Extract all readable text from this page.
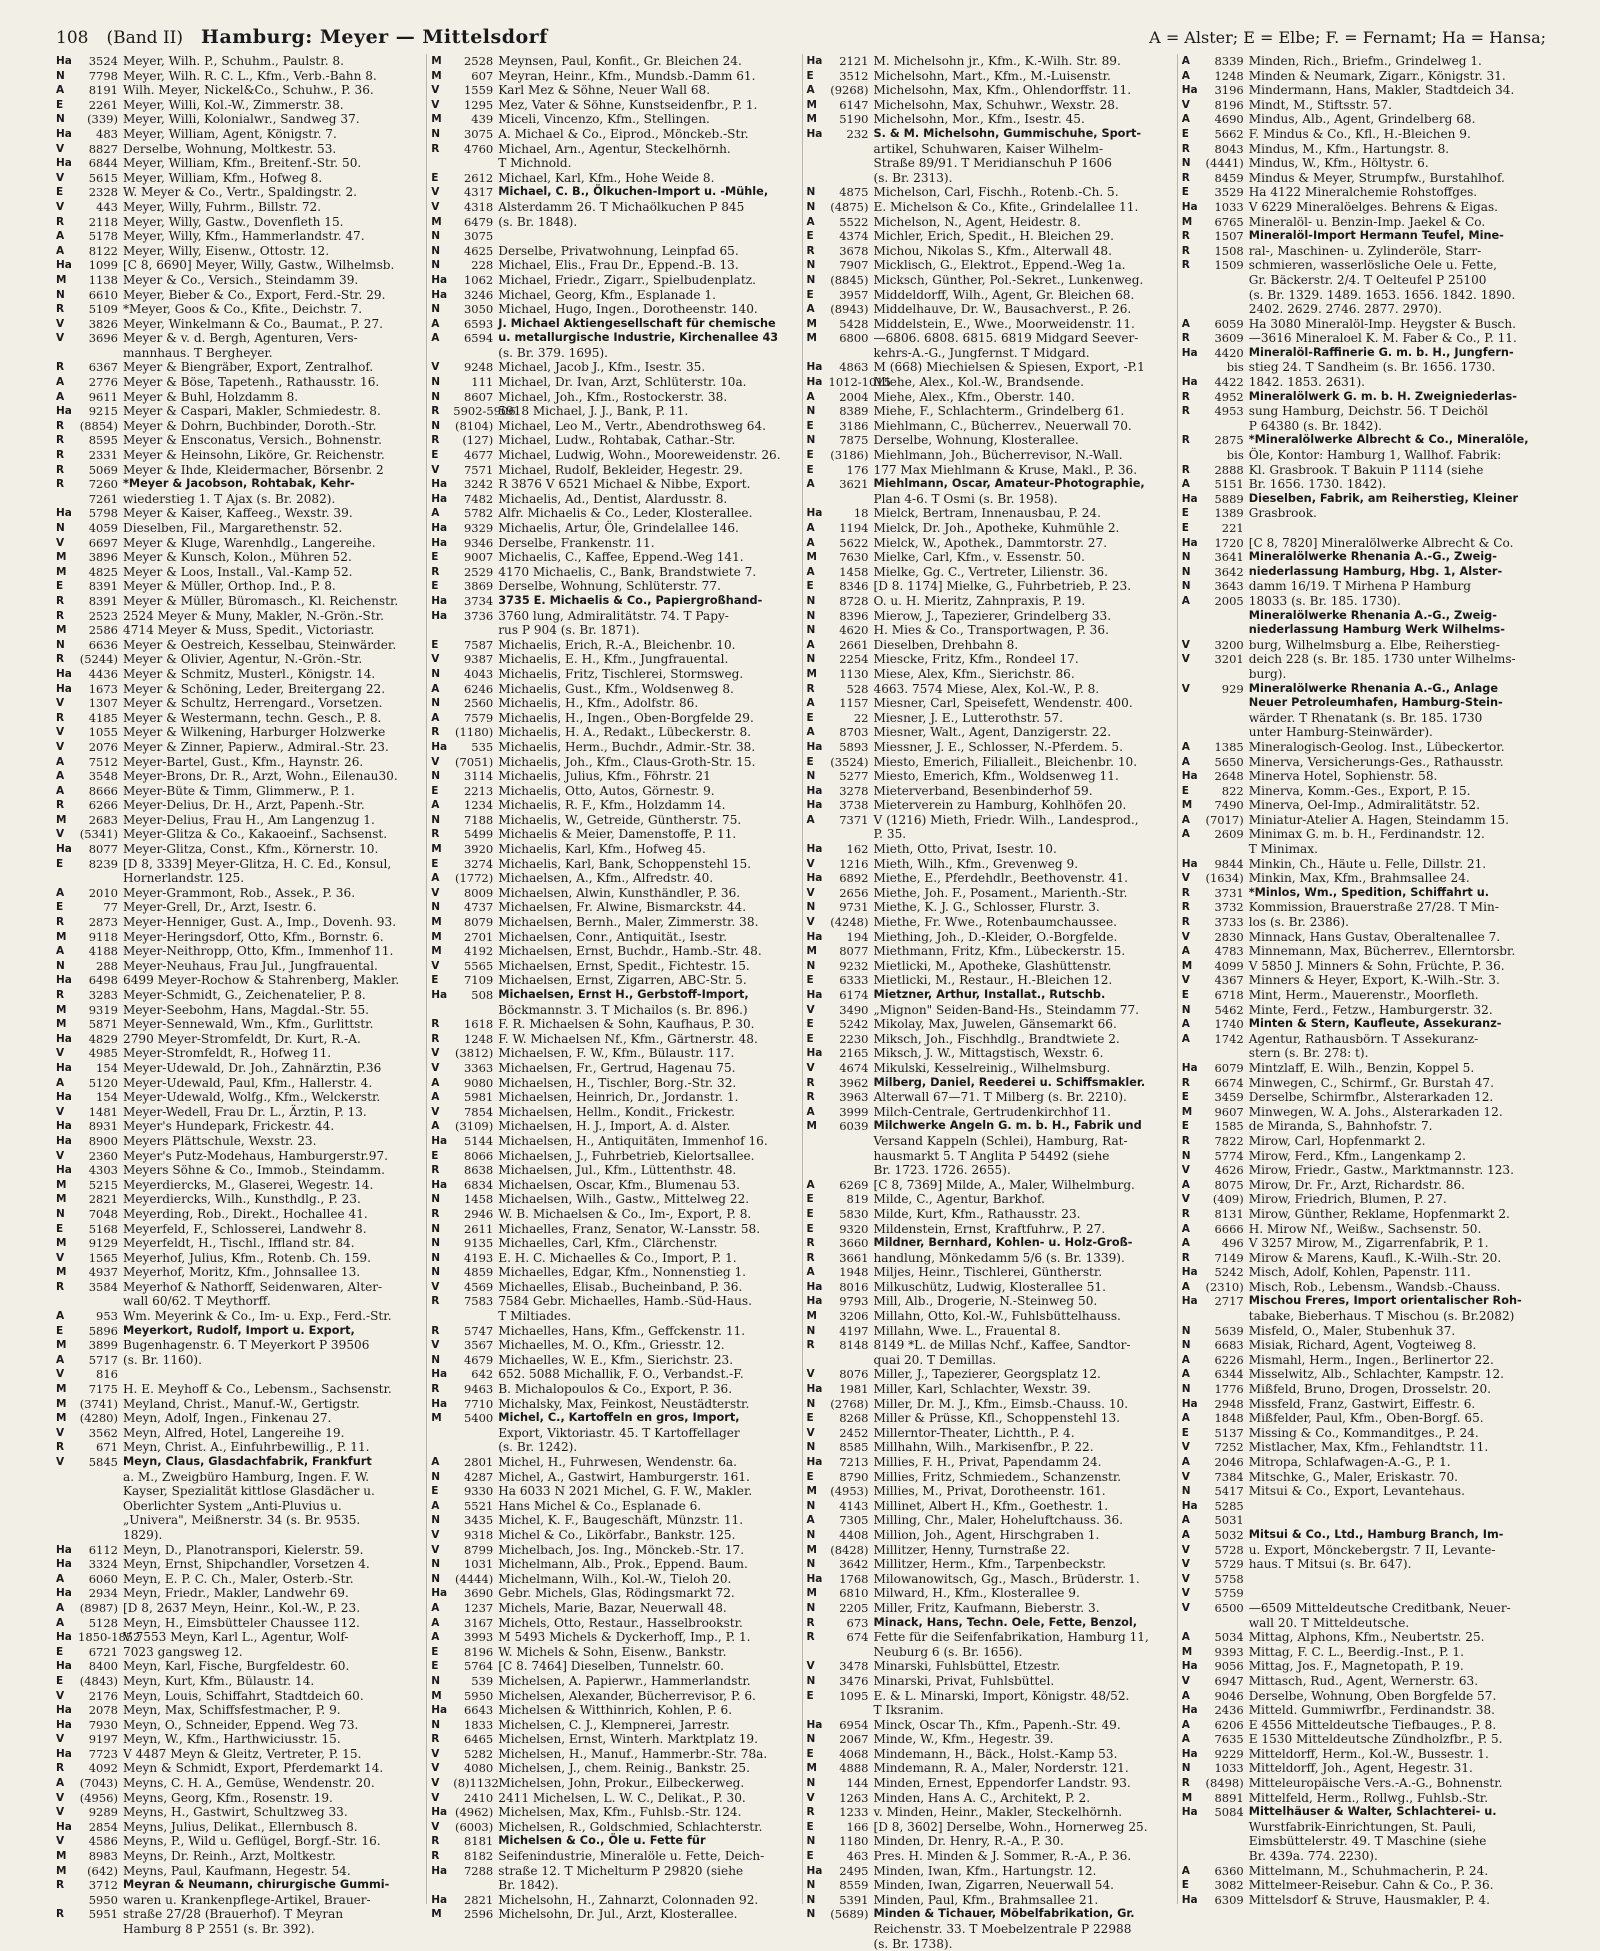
108 (Band II) Hamburg: Meyer — Mittelsdorf	A = Alster; E = Elbe; F. = Fernamt; Ha = Hansa;
Ha	3524 Meyer, Wilh. P., Schuhm., Paulstr. 8.
N	7798 Meyer, Wilh. R. C. L., Kfm., Verb.-Bahn 8.
A	8191 Wilh. Meyer, Nickel&Co., Schuhw., P. 36.
E	2261 Meyer, Willi, Kol.-W., Zimmerstr. 38.
N	(339) Meyer, Willi, Kolonialwr., Sandweg 37.
Ha	483 Meyer, William, Agent, Königstr. 7.
V	8827 Derselbe, Wohnung, Moltkestr. 53.
Ha	6844 Meyer, William, Kfm., Breitenf.-Str. 50.
V	5615 Meyer, William, Kfm., Hofweg 8.
E	2328 W. Meyer & Co., Vertr., Spaldingstr. 2.
V	443 Meyer, Willy, Fuhrm., Billstr. 72.
R	2118 Meyer, Willy, Gastw., Dovenfleth 15.
A	5178 Meyer, Willy, Kfm., Hammerlandstr. 47.
A	8122 Meyer, Willy, Eisenw., Ottostr. 12.
Ha	1099 [C 8, 6690] Meyer, Willy, Gastw., Wilhelmsb.
M	1138 Meyer & Co., Versich., Steindamm 39.
N	6610 Meyer, Bieber & Co., Export, Ferd.-Str. 29.
R	5109 *Meyer, Goos & Co., Kfite., Deichstr. 7.
V	3826 Meyer, Winkelmann & Co., Baumat., P. 27.
V	3696 Meyer & v. d. Bergh, Agenturen, Vers-
mannhaus. T Bergheyer.
R	6367 Meyer & Biengräber, Export, Zentralhof.
A	2776 Meyer & Böse, Tapetenh., Rathausstr. 16.
A	9611 Meyer & Buhl, Holzdamm 8.
Ha	9215 Meyer & Caspari, Makler, Schmiedestr. 8.
R	(8854) Meyer & Dohrn, Buchbinder, Doroth.-Str.
R	8595 Meyer & Ensconatus, Versich., Bohnenstr.
R	2331 Meyer & Heinsohn, Liköre, Gr. Reichenstr.
R	5069 Meyer & Ihde, Kleidermacher, Börsenbr. 2
R	7260 *Meyer & Jacobson, Rohtabak, Kehr-
7261 wiederstieg 1. T Ajax (s. Br. 2082).
Ha	5798 Meyer & Kaiser, Kaffeeg., Wexstr. 39.
N	4059 Dieselben, Fil., Margarethenstr. 52.
V	6697 Meyer & Kluge, Warenhdlg., Langereihe.
M	3896 Meyer & Kunsch, Kolon., Mühren 52.
M	4825 Meyer & Loos, Install., Val.-Kamp 52.
E	8391 Meyer & Müller, Orthop. Ind., P. 8.
R	8391 Meyer & Müller, Büromasch., Kl. Reichenstr.
R	2523 2524 Meyer & Muny, Makler, N.-Grön.-Str.
M	2586 4714 Meyer & Muss, Spedit., Victoriastr.
N	6636 Meyer & Oestreich, Kesselbau, Steinwärder.
R	(5244) Meyer & Olivier, Agentur, N.-Grön.-Str.
Ha	4436 Meyer & Schmitz, Musterl., Königstr. 14.
Ha	1673 Meyer & Schöning, Leder, Breitergang 22.
V	1307 Meyer & Schultz, Herrengard., Vorsetzen.
R	4185 Meyer & Westermann, techn. Gesch., P. 8.
V	1055 Meyer & Wilkening, Harburger Holzwerke
V	2076 Meyer & Zinner, Papierw., Admiral.-Str. 23.
A	7512 Meyer-Bartel, Gust., Kfm., Haynstr. 26.
A	3548 Meyer-Brons, Dr. R., Arzt, Wohn., Eilenau30.
A	8666 Meyer-Büte & Timm, Glimmerw., P. 1.
R	6266 Meyer-Delius, Dr. H., Arzt, Papenh.-Str.
M	2683 Meyer-Delius, Frau H., Am Langenzug 1.
V	(5341) Meyer-Glitza & Co., Kakaoeinf., Sachsenst.
Ha	8077 Meyer-Glitza, Const., Kfm., Körnerstr. 10.
E	8239 [D 8, 3339] Meyer-Glitza, H. C. Ed., Konsul,
Hornerlandstr. 125.
A	2010 Meyer-Grammont, Rob., Assek., P. 36.
E	77 Meyer-Grell, Dr., Arzt, Isestr. 6.
R	2873 Meyer-Henniger, Gust. A., Imp., Dovenh. 93.
M	9118 Meyer-Heringsdorf, Otto, Kfm., Bornstr. 6.
A	4188 Meyer-Neithropp, Otto, Kfm., Immenhof 11.
N	288 Meyer-Neuhaus, Frau Jul., Jungfrauental.
Ha	6498 6499 Meyer-Rochow & Stahrenberg, Makler.
R	3283 Meyer-Schmidt, G., Zeichenatelier, P. 8.
M	9319 Meyer-Seebohm, Hans, Magdal.-Str. 55.
M	5871 Meyer-Sennewald, Wm., Kfm., Gurlittstr.
Ha	4829 2790 Meyer-Stromfeldt, Dr. Kurt, R.-A.
V	4985 Meyer-Stromfeldt, R., Hofweg 11.
Ha	154 Meyer-Udewald, Dr. Joh., Zahnärztin, P.36
A	5120 Meyer-Udewald, Paul, Kfm., Hallerstr. 4.
Ha	154 Meyer-Udewald, Wolfg., Kfm., Welckerstr.
V	1481 Meyer-Wedell, Frau Dr. L., Ärztin, P. 13.
Ha	8931 Meyer's Hundepark, Frickestr. 44.
Ha	8900 Meyers Plättschule, Wexstr. 23.
V	2360 Meyer's Putz-Modehaus, Hamburgerstr.97.
Ha	4303 Meyers Söhne & Co., Immob., Steindamm.
M	5215 Meyerdiercks, M., Glaserei, Wegestr. 14.
M	2821 Meyerdiercks, Wilh., Kunsthdlg., P. 23.
N	7048 Meyerding, Rob., Direkt., Hochallee 41.
E	5168 Meyerfeld, F., Schlosserei, Landwehr 8.
M	9129 Meyerfeldt, H., Tischl., Iffland str. 84.
V	1565 Meyerhof, Julius, Kfm., Rotenb. Ch. 159.
M	4937 Meyerhof, Moritz, Kfm., Johnsallee 13.
R	3584 Meyerhof & Nathorff, Seidenwaren, Alter-
wall 60/62. T Meythorff.
A	953 Wm. Meyerink & Co., Im- u. Exp., Ferd.-Str.
E	5896 Meyerkort, Rudolf, Import u. Export,
M	3899 Bugenhagenstr. 6. T Meyerkort P 39506
A	5717 (s. Br. 1160).
V	816
M	7175 H. E. Meyhoff & Co., Lebensm., Sachsenstr.
M	(3741) Meyland, Christ., Manuf.-W., Gertigstr.
M	(4280) Meyn, Adolf, Ingen., Finkenau 27.
V	3562 Meyn, Alfred, Hotel, Langereihe 19.
R	671 Meyn, Christ. A., Einfuhrbewillig., P. 11.
V	5845 Meyn, Claus, Glasdachfabrik, Frankfurt
a. M., Zweigbüro Hamburg, Ingen. F. W.
Kayser, Spezialität kittlose Glasdächer u.
Oberlichter System „Anti-Pluvius u.
„Univera", Meißnerstr. 34 (s. Br. 9535.
1829).
Ha	6112 Meyn, D., Planotranspori, Kielerstr. 59.
Ha	3324 Meyn, Ernst, Shipchandler, Vorsetzen 4.
A	6060 Meyn, E. P. C. Ch., Maler, Osterb.-Str.
Ha	2934 Meyn, Friedr., Makler, Landwehr 69.
A	(8987) [D 8, 2637 Meyn, Heinr., Kol.-W., P. 23.
A	5128 Meyn, H., Eimsbütteler Chaussee 112.
Ha 1850-1852
V 7553 Meyn, Karl L., Agentur, Wolf-
E	6721 7023 gangsweg 12.
Ha	8400 Meyn, Karl, Fische, Burgfeldestr. 60.
E	(4843) Meyn, Kurt, Kfm., Bülaustr. 14.
V	2176 Meyn, Louis, Schiffahrt, Stadtdeich 60.
Ha	2078 Meyn, Max, Schiffsfestmacher, P. 9.
Ha	7930 Meyn, O., Schneider, Eppend. Weg 73.
V	9197 Meyn, W., Kfm., Harthwiciusstr. 15.
Ha	7723 V 4487 Meyn & Gleitz, Vertreter, P. 15.
R	4092 Meyn & Schmidt, Export, Pferdemarkt 14.
A	(7043) Meyns, C. H. A., Gemüse, Wendenstr. 20.
V	(4956) Meyns, Georg, Kfm., Rosenstr. 19.
V	9289 Meyns, H., Gastwirt, Schultzweg 33.
Ha	2854 Meyns, Julius, Delikat., Ellernbusch 8.
V	4586 Meyns, P., Wild u. Geflügel, Borgf.-Str. 16.
M	8983 Meyns, Dr. Reinh., Arzt, Moltkestr.
M	(642) Meyns, Paul, Kaufmann, Hegestr. 54.
R	3712 Meyran & Neumann, chirurgische Gummi-
5950 waren u. Krankenpflege-Artikel, Brauer-
R	5951 straße 27/28 (Brauerhof). T Meyran
Hamburg 8 P 2551 (s. Br. 392).
M	2528 Meynsen, Paul, Konfit., Gr. Bleichen 24.
M	607 Meyran, Heinr., Kfm., Mundsb.-Damm 61.
V	1559 Karl Mez & Söhne, Neuer Wall 68.
V	1295 Mez, Vater & Söhne, Kunstseidenfbr., P. 1.
M	439 Miceli, Vincenzo, Kfm., Stellingen.
N	3075 A. Michael & Co., Eiprod., Mönckeb.-Str.
R	4760 Michael, Arn., Agentur, Steckelhörnh.
T Michnold.
E	2612 Michael, Karl, Kfm., Hohe Weide 8.
V	4317 Michael, C. B., Ölkuchen-Import u. -Mühle,
V	4318 Alsterdamm 26. T Michaölkuchen P 845
M	6479 (s. Br. 1848).
N	3075
N	4625 Derselbe, Privatwohnung, Leinpfad 65.
N	228 Michael, Elis., Frau Dr., Eppend.-B. 13.
Ha	1062 Michael, Friedr., Zigarr., Spielbudenplatz.
Ha	3246 Michael, Georg, Kfm., Esplanade 1.
N	3050 Michael, Hugo, Ingen., Dorotheenstr. 140.
A	6593 J. Michael Aktiengesellschaft für chemische
A	6594 u. metallurgische Industrie, Kirchenallee 43
(s. Br. 379. 1695).
V	9248 Michael, Jacob J., Kfm., Isestr. 35.
N	111 Michael, Dr. Ivan, Arzt, Schlüterstr. 10a.
N	8607 Michael, Joh., Kfm., Rostockerstr. 38.
R	5902-5906
5918 Michael, J. J., Bank, P. 11.
N	(8104) Michael, Leo M., Vertr., Abendrothsweg 64.
R	(127) Michael, Ludw., Rohtabak, Cathar.-Str.
E	4677 Michael, Ludwig, Wohn., Mooreweidenstr. 26.
V	7571 Michael, Rudolf, Bekleider, Hegestr. 29.
Ha	3242 R 3876 V 6521 Michael & Nibbe, Export.
Ha	7482 Michaelis, Ad., Dentist, Alardusstr. 8.
A	5782 Alfr. Michaelis & Co., Leder, Klosterallee.
Ha	9329 Michaelis, Artur, Öle, Grindelallee 146.
Ha	9346 Derselbe, Frankenstr. 11.
E	9007 Michaelis, C., Kaffee, Eppend.-Weg 141.
R	2529 4170 Michaelis, C., Bank, Brandstwiete 7.
E	3869 Derselbe, Wohnung, Schlüterstr. 77.
Ha	3734 3735 E. Michaelis & Co., Papiergroßhand-
Ha	3736 3760 lung, Admiralitätstr. 74. T Papy-
rus P 904 (s. Br. 1871).
E	7587 Michaelis, Erich, R.-A., Bleichenbr. 10.
V	9387 Michaelis, E. H., Kfm., Jungfrauental.
N	4043 Michaelis, Fritz, Tischlerei, Stormsweg.
A	6246 Michaelis, Gust., Kfm., Woldsenweg 8.
N	2560 Michaelis, H., Kfm., Adolfstr. 86.
A	7579 Michaelis, H., Ingen., Oben-Borgfelde 29.
R	(1180) Michaelis, H. A., Redakt., Lübeckerstr. 8.
Ha	535 Michaelis, Herm., Buchdr., Admir.-Str. 38.
V	(7051) Michaelis, Joh., Kfm., Claus-Groth-Str. 15.
N	3114 Michaelis, Julius, Kfm., Föhrstr. 21
E	2213 Michaelis, Otto, Autos, Görnestr. 9.
A	1234 Michaelis, R. F., Kfm., Holzdamm 14.
N	7188 Michaelis, W., Getreide, Güntherstr. 75.
R	5499 Michaelis & Meier, Damenstoffe, P. 11.
M	3920 Michaelis, Karl, Kfm., Hofweg 45.
E	3274 Michaelis, Karl, Bank, Schoppenstehl 15.
A	(1772) Michaelsen, A., Kfm., Alfredstr. 40.
V	8009 Michaelsen, Alwin, Kunsthändler, P. 36.
N	4737 Michaelsen, Fr. Alwine, Bismarckstr. 44.
M	8079 Michaelsen, Bernh., Maler, Zimmerstr. 38.
M	2701 Michaelsen, Conr., Antiquität., Isestr.
M	4192 Michaelsen, Ernst, Buchdr., Hamb.-Str. 48.
V	5565 Michaelsen, Ernst, Spedit., Fichtestr. 15.
E	7109 Michaelsen, Ernst, Zigarren, ABC-Str. 5.
Ha	508 Michaelsen, Ernst H., Gerbstoff-Import,
Böckmannstr. 3. T Michailos (s. Br. 896.)
R	1618 F. R. Michaelsen & Sohn, Kaufhaus, P. 30.
R	1248 F. W. Michaelsen Nf., Kfm., Gärtnerstr. 48.
V	(3812) Michaelsen, F. W., Kfm., Bülaustr. 117.
V	3363 Michaelsen, Fr., Gertrud, Hagenau 75.
A	9080 Michaelsen, H., Tischler, Borg.-Str. 32.
A	5981 Michaelsen, Heinrich, Dr., Jordanstr. 1.
V	7854 Michaelsen, Hellm., Kondit., Frickestr.
A	(3109) Michaelsen, H. J., Import, A. d. Alster.
Ha	5144 Michaelsen, H., Antiquitäten, Immenhof 16.
E	8066 Michaelsen, J., Fuhrbetrieb, Kielortsallee.
R	8638 Michaelsen, Jul., Kfm., Lüttenthstr. 48.
Ha	6834 Michaelsen, Oscar, Kfm., Blumenau 53.
N	1458 Michaelsen, Wilh., Gastw., Mittelweg 22.
R	2946 W. B. Michaelsen & Co., Im-, Export, P. 8.
N	2611 Michaelles, Franz, Senator, W.-Lansstr. 58.
N	9135 Michaelles, Carl, Kfm., Clärchenstr.
N	4193 E. H. C. Michaelles & Co., Import, P. 1.
N	4859 Michaelles, Edgar, Kfm., Nonnenstieg 1.
V	4569 Michaelles, Elisab., Bucheinband, P. 36.
R	7583 7584 Gebr. Michaelles, Hamb.-Süd-Haus.
T Miltiades.
R	5747 Michaelles, Hans, Kfm., Geffckenstr. 11.
V	3567 Michaelles, M. O., Kfm., Griesstr. 12.
N	4679 Michaelles, W. E., Kfm., Sierichstr. 23.
Ha	642 652. 5088 Michallik, F. O., Verbandst.-F.
R	9463 B. Michalopoulos & Co., Export, P. 36.
Ha	7710 Michalsky, Max, Feinkost, Neustädterstr.
M	5400 Michel, C., Kartoffeln en gros, Import,
Export, Viktoriastr. 45. T Kartoffellager
(s. Br. 1242).
A	2801 Michel, H., Fuhrwesen, Wendenstr. 6a.
N	4287 Michel, A., Gastwirt, Hamburgerstr. 161.
E	9330 Ha 6033 N 2021 Michel, G. F. W., Makler.
A	5521 Hans Michel & Co., Esplanade 6.
N	3435 Michel, K. F., Baugeschäft, Münzstr. 11.
V	9318 Michel & Co., Likörfabr., Bankstr. 125.
V	8799 Michelbach, Jos. Ing., Mönckeb.-Str. 17.
N	1031 Michelmann, Alb., Prok., Eppend. Baum.
N	(4444) Michelmann, Wilh., Kol.-W., Tieloh 20.
Ha	3690 Gebr. Michels, Glas, Rödingsmarkt 72.
A	1237 Michels, Marie, Bazar, Neuerwall 48.
A	3167 Michels, Otto, Restaur., Hasselbrookstr.
A	3993 M 5493 Michels & Dyckerhoff, Imp., P. 1.
E	8196 W. Michels & Sohn, Eisenw., Bankstr.
E	5764 [C 8. 7464] Dieselben, Tunnelstr. 60.
N	539 Michelsen, A. Papierwr., Hammerlandstr.
M	5950 Michelsen, Alexander, Bücherrevisor, P. 6.
Ha	6643 Michelsen & Witthinrich, Kohlen, P. 6.
N	1833 Michelsen, C. J., Klempnerei, Jarrestr.
R	6465 Michelsen, Ernst, Winterh. Marktplatz 19.
V	5282 Michelsen, H., Manuf., Hammerbr.-Str. 78a.
V	4080 Michelsen, J., chem. Reinig., Bankstr. 25.
V	(8)1132 Michelsen, John, Prokur., Eilbeckerweg.
V	2410 2411 Michelsen, L. W. C., Delikat., P. 30.
Ha (4962) Michelsen, Max, Kfm., Fuhlsb.-Str. 124.
V	(6003) Michelsen, R., Goldschmied, Schlachterstr.
R	8181 Michelsen & Co., Öle u. Fette für
R	8182 Seifenindustrie, Mineralöle u. Fette, Deich-
Ha	7288 straße 12. T Michelturm P 29820 (siehe
Br. 1842).
Ha	2821 Michelsohn, H., Zahnarzt, Colonnaden 92.
M	2596 Michelsohn, Dr. Jul., Arzt, Klosterallee.
Ha	2121 M. Michelsohn jr., Kfm., K.-Wilh. Str. 89.
E	3512 Michelsohn, Mart., Kfm., M.-Luisenstr.
A	(9268) Michelsohn, Max, Kfm., Ohlendorffstr. 11.
M	6147 Michelsohn, Max, Schuhwr., Wexstr. 28.
M	5190 Michelsohn, Mor., Kfm., Isestr. 45.
Ha	232 S. & M. Michelsohn, Gummischuhe, Sport-
artikel, Schuhwaren, Kaiser Wilhelm-
Straße 89/91. T Meridianschuh P 1606
(s. Br. 2313).
N	4875 Michelson, Carl, Fischh., Rotenb.-Ch. 5.
N	(4875) E. Michelson & Co., Kfite., Grindelallee 11.
A	5522 Michelson, N., Agent, Heidestr. 8.
E	4374 Michler, Erich, Spedit., H. Bleichen 29.
R	3678 Michou, Nikolas S., Kfm., Alterwall 48.
N	7907 Micklisch, G., Elektrot., Eppend.-Weg 1a.
N	(8845) Micksch, Günther, Pol.-Sekret., Lunkenweg.
E	3957 Middeldorff, Wilh., Agent, Gr. Bleichen 68.
A	(8943) Middelhauve, Dr. W., Bausachverst., P. 26.
M	5428 Middelstein, E., Wwe., Moorweidenstr. 11.
M	6800 —6806. 6808. 6815. 6819 Midgard Seever-
kehrs-A.-G., Jungfernst. T Midgard.
Ha	4863 M (668) Miechielsen & Spiesen, Export, -P.1
Ha 1012-1015
Miehe, Alex., Kol.-W., Brandsende.
A	2004 Miehe, Alex., Kfm., Oberstr. 140.
N	8389 Miehe, F., Schlachterm., Grindelberg 61.
E	3186 Miehlmann, C., Bücherrev., Neuerwall 70.
N	7875 Derselbe, Wohnung, Klosterallee.
E	(3186) Miehlmann, Joh., Bücherrevisor, N.-Wall.
E	176 177 Max Miehlmann & Kruse, Makl., P. 36.
A	3621 Miehlmann, Oscar, Amateur-Photographie,
Plan 4-6. T Osmi (s. Br. 1958).
Ha	18 Mielck, Bertram, Innenausbau, P. 24.
A	1194 Mielck, Dr. Joh., Apotheke, Kuhmühle 2.
A	5622 Mielck, W., Apothek., Dammtorstr. 27.
M	7630 Mielke, Carl, Kfm., v. Essenstr. 50.
A	1458 Mielke, Gg. C., Vertreter, Lilienstr. 36.
E	8346 [D 8. 1174] Mielke, G., Fuhrbetrieb, P. 23.
N	8728 O. u. H. Mieritz, Zahnpraxis, P. 19.
N	8396 Mierow, J., Tapezierer, Grindelberg 33.
N	4620 H. Mies & Co., Transportwagen, P. 36.
A	2661 Dieselben, Drehbahn 8.
N	2254 Miescke, Fritz, Kfm., Rondeel 17.
M	1130 Miese, Alex, Kfm., Sierichstr. 86.
R	528 4663. 7574 Miese, Alex, Kol.-W., P. 8.
A	1157 Miesner, Carl, Speisefett, Wendenstr. 400.
E	22 Miesner, J. E., Lutterothstr. 57.
A	8703 Miesner, Walt., Agent, Danzigerstr. 22.
Ha	5893 Miessner, J. E., Schlosser, N.-Pferdem. 5.
E	(3524) Miesto, Emerich, Filialleit., Bleichenbr. 10.
N	5277 Miesto, Emerich, Kfm., Woldsenweg 11.
Ha	3278 Mieterverband, Besenbinderhof 59.
Ha	3738 Mieterverein zu Hamburg, Kohlhöfen 20.
A	7371 V (1216) Mieth, Friedr. Wilh., Landesprod.,
P. 35.
Ha	162 Mieth, Otto, Privat, Isestr. 10.
V	1216 Mieth, Wilh., Kfm., Grevenweg 9.
Ha	6892 Miethe, E., Pferdehdlr., Beethovenstr. 41.
V	2656 Miethe, Joh. F., Posament., Marienth.-Str.
N	9731 Miethe, K. J. G., Schlosser, Flurstr. 3.
V	(4248) Miethe, Fr. Wwe., Rotenbaumchaussee.
Ha	194 Miething, Joh., D.-Kleider, O.-Borgfelde.
M	8077 Miethmann, Fritz, Kfm., Lübeckerstr. 15.
N	9232 Mietlicki, M., Apotheke, Glashüttenstr.
E	6333 Mietlicki, M., Restaur., H.-Bleichen 12.
Ha	6174 Mietzner, Arthur, Installat., Rutschb.
V	3490 „Mignon" Seiden-Band-Hs., Steindamm 77.
E	5242 Mikolay, Max, Juwelen, Gänsemarkt 66.
E	2230 Miksch, Joh., Fischhdlg., Brandtwiete 2.
Ha	2165 Miksch, J. W., Mittagstisch, Wexstr. 6.
V	4674 Mikulski, Kesselreinig., Wilhelmsburg.
R	3962 Milberg, Daniel, Reederei u. Schiffsmakler.
R	3963 Alterwall 67—71. T Milberg (s. Br. 2210).
A	3999 Milch-Centrale, Gertrudenkirchhof 11.
M	6039 Milchwerke Angeln G. m. b. H., Fabrik und
Versand Kappeln (Schlei), Hamburg, Rat-
hausmarkt 5. T Anglita P 54492 (siehe
Br. 1723. 1726. 2655).
A	6269 [C 8, 7369] Milde, A., Maler, Wilhelmburg.
E	819 Milde, C., Agentur, Barkhof.
E	5830 Milde, Kurt, Kfm., Rathausstr. 23.
E	9320 Mildenstein, Ernst, Kraftfuhrw., P. 27.
R	3660 Mildner, Bernhard, Kohlen- u. Holz-Groß-
R	3661 handlung, Mönkedamm 5/6 (s. Br. 1339).
A	1948 Miljes, Heinr., Tischlerei, Güntherstr.
Ha	8016 Milkuschütz, Ludwig, Klosterallee 51.
Ha	9793 Mill, Alb., Drogerie, N.-Steinweg 50.
M	3206 Millahn, Otto, Kol.-W., Fuhlsbüttelhauss.
N	4197 Millahn, Wwe. L., Frauental 8.
R	8148 8149 *L. de Millas Nchf., Kaffee, Sandtor-
quai 20. T Demillas.
V	8076 Miller, J., Tapezierer, Georgsplatz 12.
Ha	1981 Miller, Karl, Schlachter, Wexstr. 39.
N	(2768) Miller, Dr. M. J., Kfm., Eimsb.-Chauss. 10.
E	8268 Miller & Prüsse, Kfl., Schoppenstehl 13.
V	2452 Millerntor-Theater, Lichtth., P. 4.
N	8585 Millhahn, Wilh., Markisenfbr., P. 22.
Ha	7213 Millies, F. H., Privat, Papendamm 24.
E	8790 Millies, Fritz, Schmiedem., Schanzenstr.
M	(4953) Millies, M., Privat, Dorotheenstr. 161.
N	4143 Millinet, Albert H., Kfm., Goethestr. 1.
A	7305 Milling, Chr., Maler, Hoheluftchauss. 36.
N	4408 Million, Joh., Agent, Hirschgraben 1.
M	(8428) Millitzer, Henny, Turnstraße 22.
N	3642 Millitzer, Herm., Kfm., Tarpenbeckstr.
Ha	1768 Milowanowitsch, Gg., Masch., Brüderstr. 1.
M	6810 Milward, H., Kfm., Klosterallee 9.
N	2205 Miller, Fritz, Kaufmann, Bieberstr. 3.
R	673 Minack, Hans, Techn. Oele, Fette, Benzol,
R	674 Fette für die Seifenfabrikation, Hamburg 11,
Neuburg 6 (s. Br. 1656).
V	3478 Minarski, Fuhlsbüttel, Etzestr.
N	3476 Minarski, Privat, Fuhlsbüttel.
E	1095 E. & L. Minarski, Import, Königstr. 48/52.
T Iksranim.
Ha	6954 Minck, Oscar Th., Kfm., Papenh.-Str. 49.
N	2067 Minde, W., Kfm., Hegestr. 39.
E	4068 Mindemann, H., Bäck., Holst.-Kamp 53.
M	4888 Mindemann, R. A., Maler, Norderstr. 121.
N	144 Minden, Ernest, Eppendorfer Landstr. 93.
V	1263 Minden, Hans A. C., Architekt, P. 2.
R	1233 v. Minden, Heinr., Makler, Steckelhörnh.
E	166 [D 8, 3602] Derselbe, Wohn., Hornerweg 25.
N	1180 Minden, Dr. Henry, R.-A., P. 30.
E	463 Pres. H. Minden & J. Sommer, R.-A., P. 36.
Ha	2495 Minden, Iwan, Kfm., Hartungstr. 12.
N	8559 Minden, Iwan, Zigarren, Neuerwall 54.
N	5391 Minden, Paul, Kfm., Brahmsallee 21.
N	(5689) Minden & Tichauer, Möbelfabrikation, Gr.
Reichenstr. 33. T Moebelzentrale P 22988
(s. Br. 1738).
A	8339 Minden, Rich., Briefm., Grindelweg 1.
A	1248 Minden & Neumark, Zigarr., Königstr. 31.
Ha	3196 Mindermann, Hans, Makler, Stadtdeich 34.
V	8196 Mindt, M., Stiftsstr. 57.
A	4690 Mindus, Alb., Agent, Grindelberg 68.
E	5662 F. Mindus & Co., Kfl., H.-Bleichen 9.
R	8043 Mindus, M., Kfm., Hartungstr. 8.
N	(4441) Mindus, W., Kfm., Höltystr. 6.
R	8459 Mindus & Meyer, Strumpfw., Burstahlhof.
E	3529 Ha 4122 Mineralchemie Rohstoffges.
Ha	1033 V 6229 Mineralöelges. Behrens & Eigas.
M	6765 Mineralöl- u. Benzin-Imp. Jaekel & Co.
R	1507 Mineralöl-Import Hermann Teufel, Mine-
R	1508 ral-, Maschinen- u. Zylinderöle, Starr-
R	1509 schmieren, wasserlösliche Oele u. Fette,
Gr. Bäckerstr. 2/4. T Oelteufel P 25100
(s. Br. 1329. 1489. 1653. 1656. 1842. 1890.
2402. 2629. 2746. 2877. 2970).
A	6059 Ha 3080 Mineralöl-Imp. Heygster & Busch.
R	3609 —3616 Mineraloel K. M. Faber & Co., P. 11.
Ha	4420 Mineralöl-Raffinerie G. m. b. H., Jungfern-
bis stieg 24. T Sandheim (s. Br. 1656. 1730.
Ha	4422 1842. 1853. 2631).
R	4952 Mineralölwerk G. m. b. H. Zweigniederlas-
R	4953 sung Hamburg, Deichstr. 56. T Deichöl
P 64380 (s. Br. 1842).
R	2875 *Mineralölwerke Albrecht & Co., Mineralöle,
bis Öle, Kontor: Hamburg 1, Wallhof. Fabrik:
R	2888 Kl. Grasbrook. T Bakuin P 1114 (siehe
A	5151 Br. 1656. 1730. 1842).
Ha	5889 Dieselben, Fabrik, am Reiherstieg, Kleiner
E	1389 Grasbrook.
E	221
Ha	1720 [C 8, 7820] Mineralölwerke Albrecht & Co.
N	3641 Mineralölwerke Rhenania A.-G., Zweig-
N	3642 niederlassung Hamburg, Hbg. 1, Alster-
N	3643 damm 16/19. T Mirhena P Hamburg
A	2005 18033 (s. Br. 185. 1730).
Mineralölwerke Rhenania A.-G., Zweig-
niederlassung Hamburg Werk Wilhelms-
V	3200 burg, Wilhelmsburg a. Elbe, Reiherstieg-
V	3201 deich 228 (s. Br. 185. 1730 unter Wilhelms-
burg).
V	929 Mineralölwerke Rhenania A.-G., Anlage
Neuer Petroleumhafen, Hamburg-Stein-
wärder. T Rhenatank (s. Br. 185. 1730
unter Hamburg-Steinwärder).
A	1385 Mineralogisch-Geolog. Inst., Lübeckertor.
A	5650 Minerva, Versicherungs-Ges., Rathausstr.
Ha	2648 Minerva Hotel, Sophienstr. 58.
E	822 Minerva, Komm.-Ges., Export, P. 15.
M	7490 Minerva, Oel-Imp., Admiralitätstr. 52.
A	(7017) Miniatur-Atelier A. Hagen, Steindamm 15.
A	2609 Minimax G. m. b. H., Ferdinandstr. 12.
T Minimax.
Ha	9844 Minkin, Ch., Häute u. Felle, Dillstr. 21.
V	(1634) Minkin, Max, Kfm., Brahmsallee 24.
R	3731 *Minlos, Wm., Spedition, Schiffahrt u.
R	3732 Kommission, Brauerstraße 27/28. T Min-
R	3733 los (s. Br. 2386).
V	2830 Minnack, Hans Gustav, Oberaltenallee 7.
A	4783 Minnemann, Max, Bücherrev., Ellerntorsbr.
M	4099 V 5850 J. Minners & Sohn, Früchte, P. 36.
V	4367 Minners & Heyer, Export, K.-Wilh.-Str. 3.
E	6718 Mint, Herm., Mauerenstr., Moorfleth.
N	5462 Minte, Ferd., Fetzw., Hamburgerstr. 32.
A	1740 Minten & Stern, Kaufleute, Assekuranz-
A	1742 Agentur, Rathausbörn. T Assekuranz-
stern (s. Br. 278: t).
Ha	6079 Mintzlaff, E. Wilh., Benzin, Koppel 5.
R	6674 Minwegen, C., Schirmf., Gr. Burstah 47.
E	3459 Derselbe, Schirmfbr., Alsterarkaden 12.
M	9607 Minwegen, W. A. Johs., Alsterarkaden 12.
E	1585 de Miranda, S., Bahnhofstr. 7.
R	7822 Mirow, Carl, Hopfenmarkt 2.
N	5774 Mirow, Ferd., Kfm., Langenkamp 2.
V	4626 Mirow, Friedr., Gastw., Marktmannstr. 123.
A	8075 Mirow, Dr. Fr., Arzt, Richardstr. 86.
V	(409) Mirow, Friedrich, Blumen, P. 27.
R	8131 Mirow, Günther, Reklame, Hopfenmarkt 2.
A	6666 H. Mirow Nf., Weißw., Sachsenstr. 50.
A	496 V 3257 Mirow, M., Zigarrenfabrik, P. 1.
R	7149 Mirow & Marens, Kaufl., K.-Wilh.-Str. 20.
Ha	5242 Misch, Adolf, Kohlen, Papenstr. 111.
A	(2310) Misch, Rob., Lebensm., Wandsb.-Chauss.
Ha	2717 Mischou Freres, Import orientalischer Roh-
tabake, Bieberhaus. T Mischou (s. Br.2082)
N	5639 Misfeld, O., Maler, Stubenhuk 37.
N	6683 Misiak, Richard, Agent, Vogteiweg 8.
A	6226 Mismahl, Herm., Ingen., Berlinertor 22.
A	6344 Misselwitz, Alb., Schlachter, Kampstr. 12.
N	1776 Mißfeld, Bruno, Drogen, Drosselstr. 20.
Ha	2948 Missfeld, Franz, Gastwirt, Eiffestr. 6.
A	1848 Mißfelder, Paul, Kfm., Oben-Borgf. 65.
E	5137 Missing & Co., Kommanditges., P. 24.
V	7252 Mistlacher, Max, Kfm., Fehlandtstr. 11.
A	2046 Mitropa, Schlafwagen-A.-G., P. 1.
V	7384 Mitschke, G., Maler, Eriskastr. 70.
N	5417 Mitsui & Co., Export, Levantehaus.
Ha	5285
A	5031
A	5032 Mitsui & Co., Ltd., Hamburg Branch, Im-
V	5728 u. Export, Mönckebergstr. 7 II, Levante-
V	5729 haus. T Mitsui (s. Br. 647).
V	5758
V	5759
V	6500 —6509 Mitteldeutsche Creditbank, Neuer-
wall 20. T Mitteldeutsche.
A	5034 Mittag, Alphons, Kfm., Neubertstr. 25.
M	9393 Mittag, F. C. L., Beerdig.-Inst., P. 1.
Ha	9056 Mittag, Jos. F., Magnetopath, P. 19.
V	6947 Mittasch, Rud., Agent, Wernerstr. 63.
A	9046 Derselbe, Wohnung, Oben Borgfelde 57.
Ha	2436 Mitteld. Gummiwrfbr., Ferdinandstr. 38.
A	6206 E 4556 Mitteldeutsche Tiefbauges., P. 8.
A	7635 E 1530 Mitteldeutsche Zündholzfbr., P. 5.
Ha	9229 Mitteldorff, Herm., Kol.-W., Bussestr. 1.
N	1033 Mitteldorff, Joh., Agent, Hegestr. 31.
R	(8498) Mitteleuropäische Vers.-A.-G., Bohnenstr.
M	8891 Mittelfeld, Herm., Rollwg., Fuhlsb.-Str.
Ha	5084 Mittelhäuser & Walter, Schlachterei- u.
Wurstfabrik-Einrichtungen, St. Pauli,
Eimsbüttelerstr. 49. T Maschine (siehe
Br. 439a. 774. 2230).
A	6360 Mittelmann, M., Schuhmacherin, P. 24.
E	3082 Mittelmeer-Reisebur. Cahn & Co., P. 36.
Ha	6309 Mittelsdorf & Struve, Hausmakler, P. 4.
